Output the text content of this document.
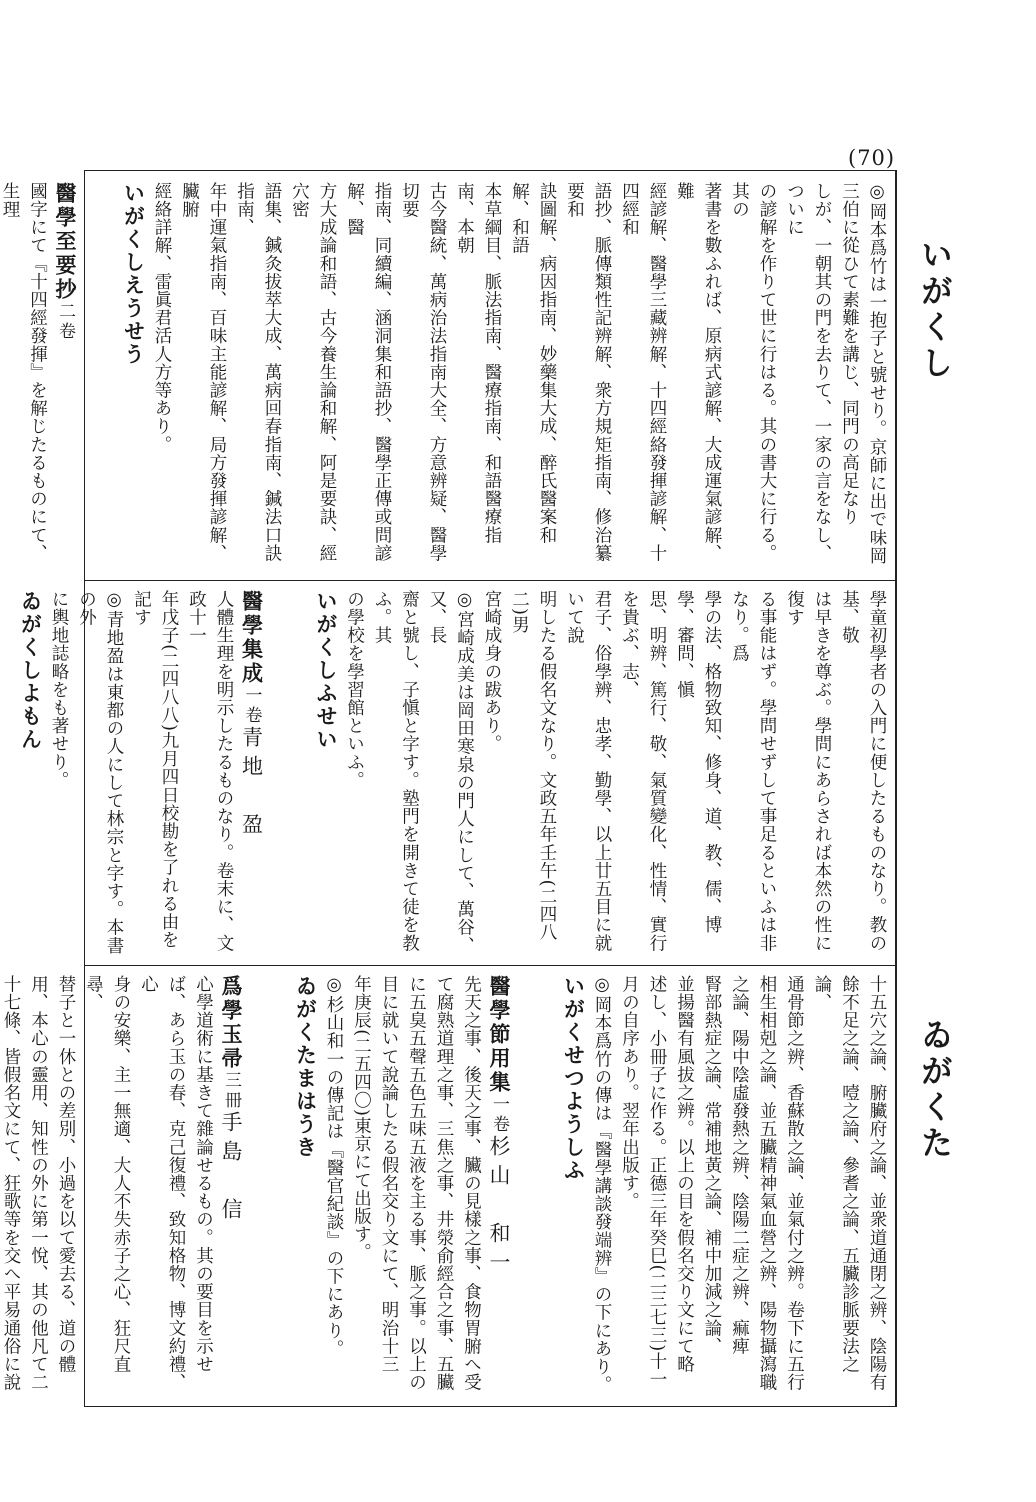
(70)
いがくし
ゐがくた

◎岡本爲竹は一抱子と號せり。京師に出で味岡三伯に從ひて素難を講じ、同門の高足なり

しが、一朝其の門を去りて、一家の言をなし、ついに

の諺解を作りて世に行はる。其の書大に行る。其の

著書を數ふれば、原病式諺解、大成運氣諺解、難

經諺解、醫學三藏辨解、十四經絡發揮諺解、十四經和

語抄、脈傳類性記辨解、衆方規矩指南、修治纂要和

訣圖解、病因指南、妙藥集大成、醉氏醫案和解、和語

本草綱目、脈法指南、醫療指南、和語醫療指南、本朝

古今醫統、萬病治法指南大全、方意辨疑、醫學切要

指南、同續編、涵洞集和語抄、醫學正傳或問諺解、醫

方大成論和語、古今養生論和解、阿是要訣、經穴密

語集、鍼灸拔萃大成、萬病回春指南、鍼法口訣指南、

年中運氣指南、百味主能諺解、局方發揮諺解、臟腑

經絡詳解、雷眞君活人方等あり。

いがくしえうせう

醫學至要抄二卷

國字にて『十四經發揮』を解じたるものにて、生理

學童初學者の入門に便したるものなり。教の基、敬

は早きを尊ぶ。學問にあらされば本然の性に復す

る事能はず。學問せずして事足るといふは非なり。爲

學の法、格物致知、修身、道、教、儒、博學、審問、愼

思、明辨、篤行、敬、氣質變化、性情、實行を貴ぶ、志、

君子、俗學辨、忠孝、勤學、以上廿五目に就いて說

明したる假名文なり。文政五年壬午(二四八二)男

宮崎成身の跋あり。

◎宮崎成美は岡田寒泉の門人にして、萬谷、又、長

齋と號し、子愼と字す。塾門を開きて徒を教ふ。其

の學校を學習館といふ。

いがくしふせい

醫學集成一卷青地　盈

人體生理を明示したるものなり。卷末に、文政十一

年戊子(二四八八)九月四日校勘を了れる由を記す

◎青地盈は東都の人にして林宗と字す。本書の外

に輿地誌略をも著せり。

ゐがくしよもん

十五穴之論、腑臟府之論、並衆道通閉之辨、陰陽有

餘不足之論、噎之論、參耆之論、五臟診脈要法之論、

通骨節之辨、香蘇散之論、並氣付之辨。卷下に五行

相生相剋之論、並五臟精神氣血營之辨、陽物攝瀉職

之論、陽中陰虛發熱之辨、陰陽二症之辨、痲痺

腎部熱症之論、常補地黃之論、補中加減之論、

並揚醫有風拔之辨。以上の目を假名交り文にて略

述し、小冊子に作る。正德三年癸巳(二三七三)十一

月の自序あり。翌年出版す。

◎岡本爲竹の傳は『醫學講談發端辨』の下にあり。

いがくせつようしふ

醫學節用集一卷杉山　和一

先天之事、後天之事、臟の見樣之事、食物胃腑へ受

て腐熟道理之事、三焦之事、井滎俞經合之事、五臟

に五臭五聲五色五味五液を主る事、脈之事。以上の

目に就いて說論したる假名交り文にて、明治十三

年庚辰(二五四〇)東京にて出版す。

◎杉山和一の傳記は『醫官紀談』の下にあり。

ゐがくたまはうき

爲學玉帚三冊手島　信

心學道術に基きて雜論せるもの。其の要目を示せ

ば、あら玉の春、克己復禮、致知格物、博文約禮、心

身の安樂、主一無適、大人不失赤子之心、狂尺直尋、

替子と一休との差別、小過を以て愛去る、道の體

用、本心の靈用、知性の外に第一悅、其の他凡て二

十七條、皆假名文にて、狂歌等を交へ平易通俗に說
